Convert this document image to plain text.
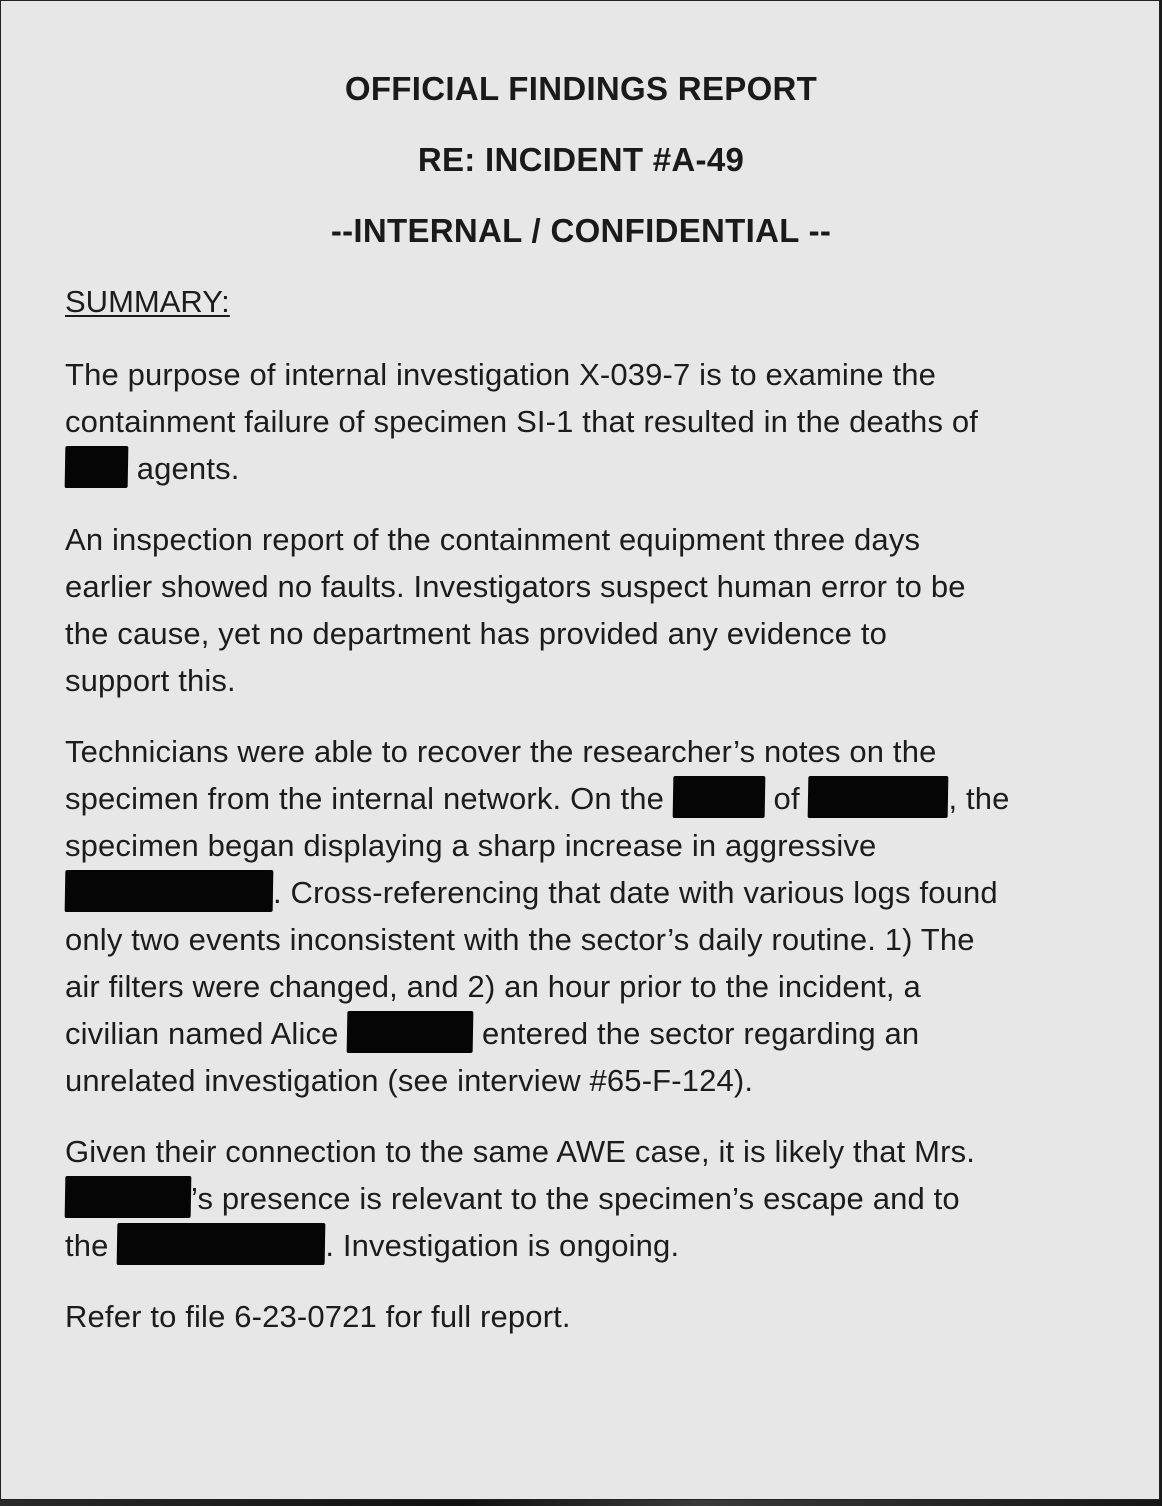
OFFICIAL FINDINGS REPORT
RE: INCIDENT #A-49
--INTERNAL / CONFIDENTIAL --
SUMMARY:
The purpose of internal investigation X-039-7 is to examine the
containment failure of specimen SI-1 that resulted in the deaths of
agents.
An inspection report of the containment equipment three days
earlier showed no faults. Investigators suspect human error to be
the cause, yet no department has provided any evidence to
support this.
Technicians were able to recover the researcher’s notes on the
specimen from the internal network. On the	of	, the
specimen began displaying a sharp increase in aggressive
. Cross-referencing that date with various logs found
only two events inconsistent with the sector’s daily routine. 1) The
air filters were changed, and 2) an hour prior to the incident, a
civilian named Alice	entered the sector regarding an
unrelated investigation (see interview #65-F-124).
Given their connection to the same AWE case, it is likely that Mrs.
’s presence is relevant to the specimen’s escape and to
the	. Investigation is ongoing.
Refer to file 6-23-0721 for full report.
